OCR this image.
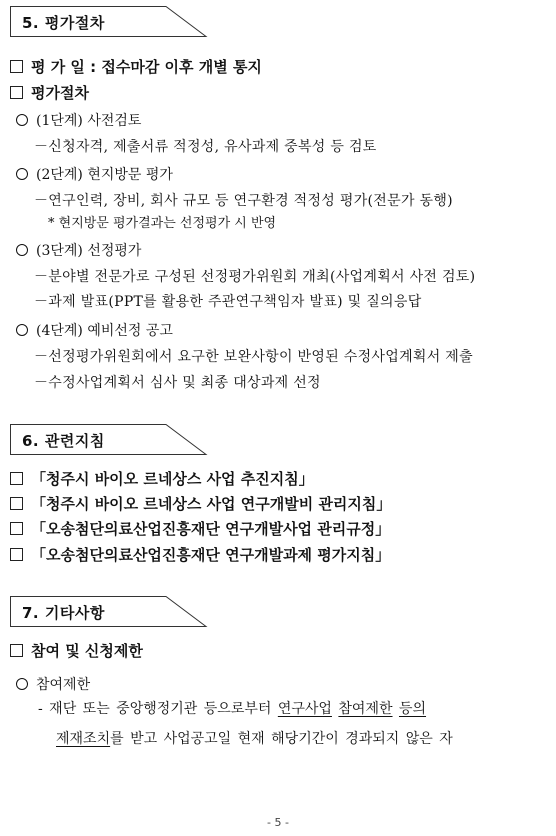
5. 평가절차
평 가 일 : 접수마감 이후 개별 통지
평가절차
(1단계) 사전검토
－신청자격, 제출서류 적정성, 유사과제 중복성 등 검토
(2단계) 현지방문 평가
－연구인력, 장비, 회사 규모 등 연구환경 적정성 평가(전문가 동행)
* 현지방문 평가결과는 선정평가 시 반영
(3단계) 선정평가
－분야별 전문가로 구성된 선정평가위원회 개최(사업계획서 사전 검토)
－과제 발표(PPT를 활용한 주관연구책임자 발표) 및 질의응답
(4단계) 예비선정 공고
－선정평가위원회에서 요구한 보완사항이 반영된 수정사업계획서 제출
－수정사업계획서 심사 및 최종 대상과제 선정
6. 관련지침
「청주시 바이오 르네상스 사업 추진지침」
「청주시 바이오 르네상스 사업 연구개발비 관리지침」
「오송첨단의료산업진흥재단 연구개발사업 관리규정」
「오송첨단의료산업진흥재단 연구개발과제 평가지침」
7. 기타사항
참여 및 신청제한
참여제한
- 재단 또는 중앙행정기관 등으로부터 연구사업 참여제한 등의
제재조치를 받고 사업공고일 현재 해당기간이 경과되지 않은 자
- 5 -
